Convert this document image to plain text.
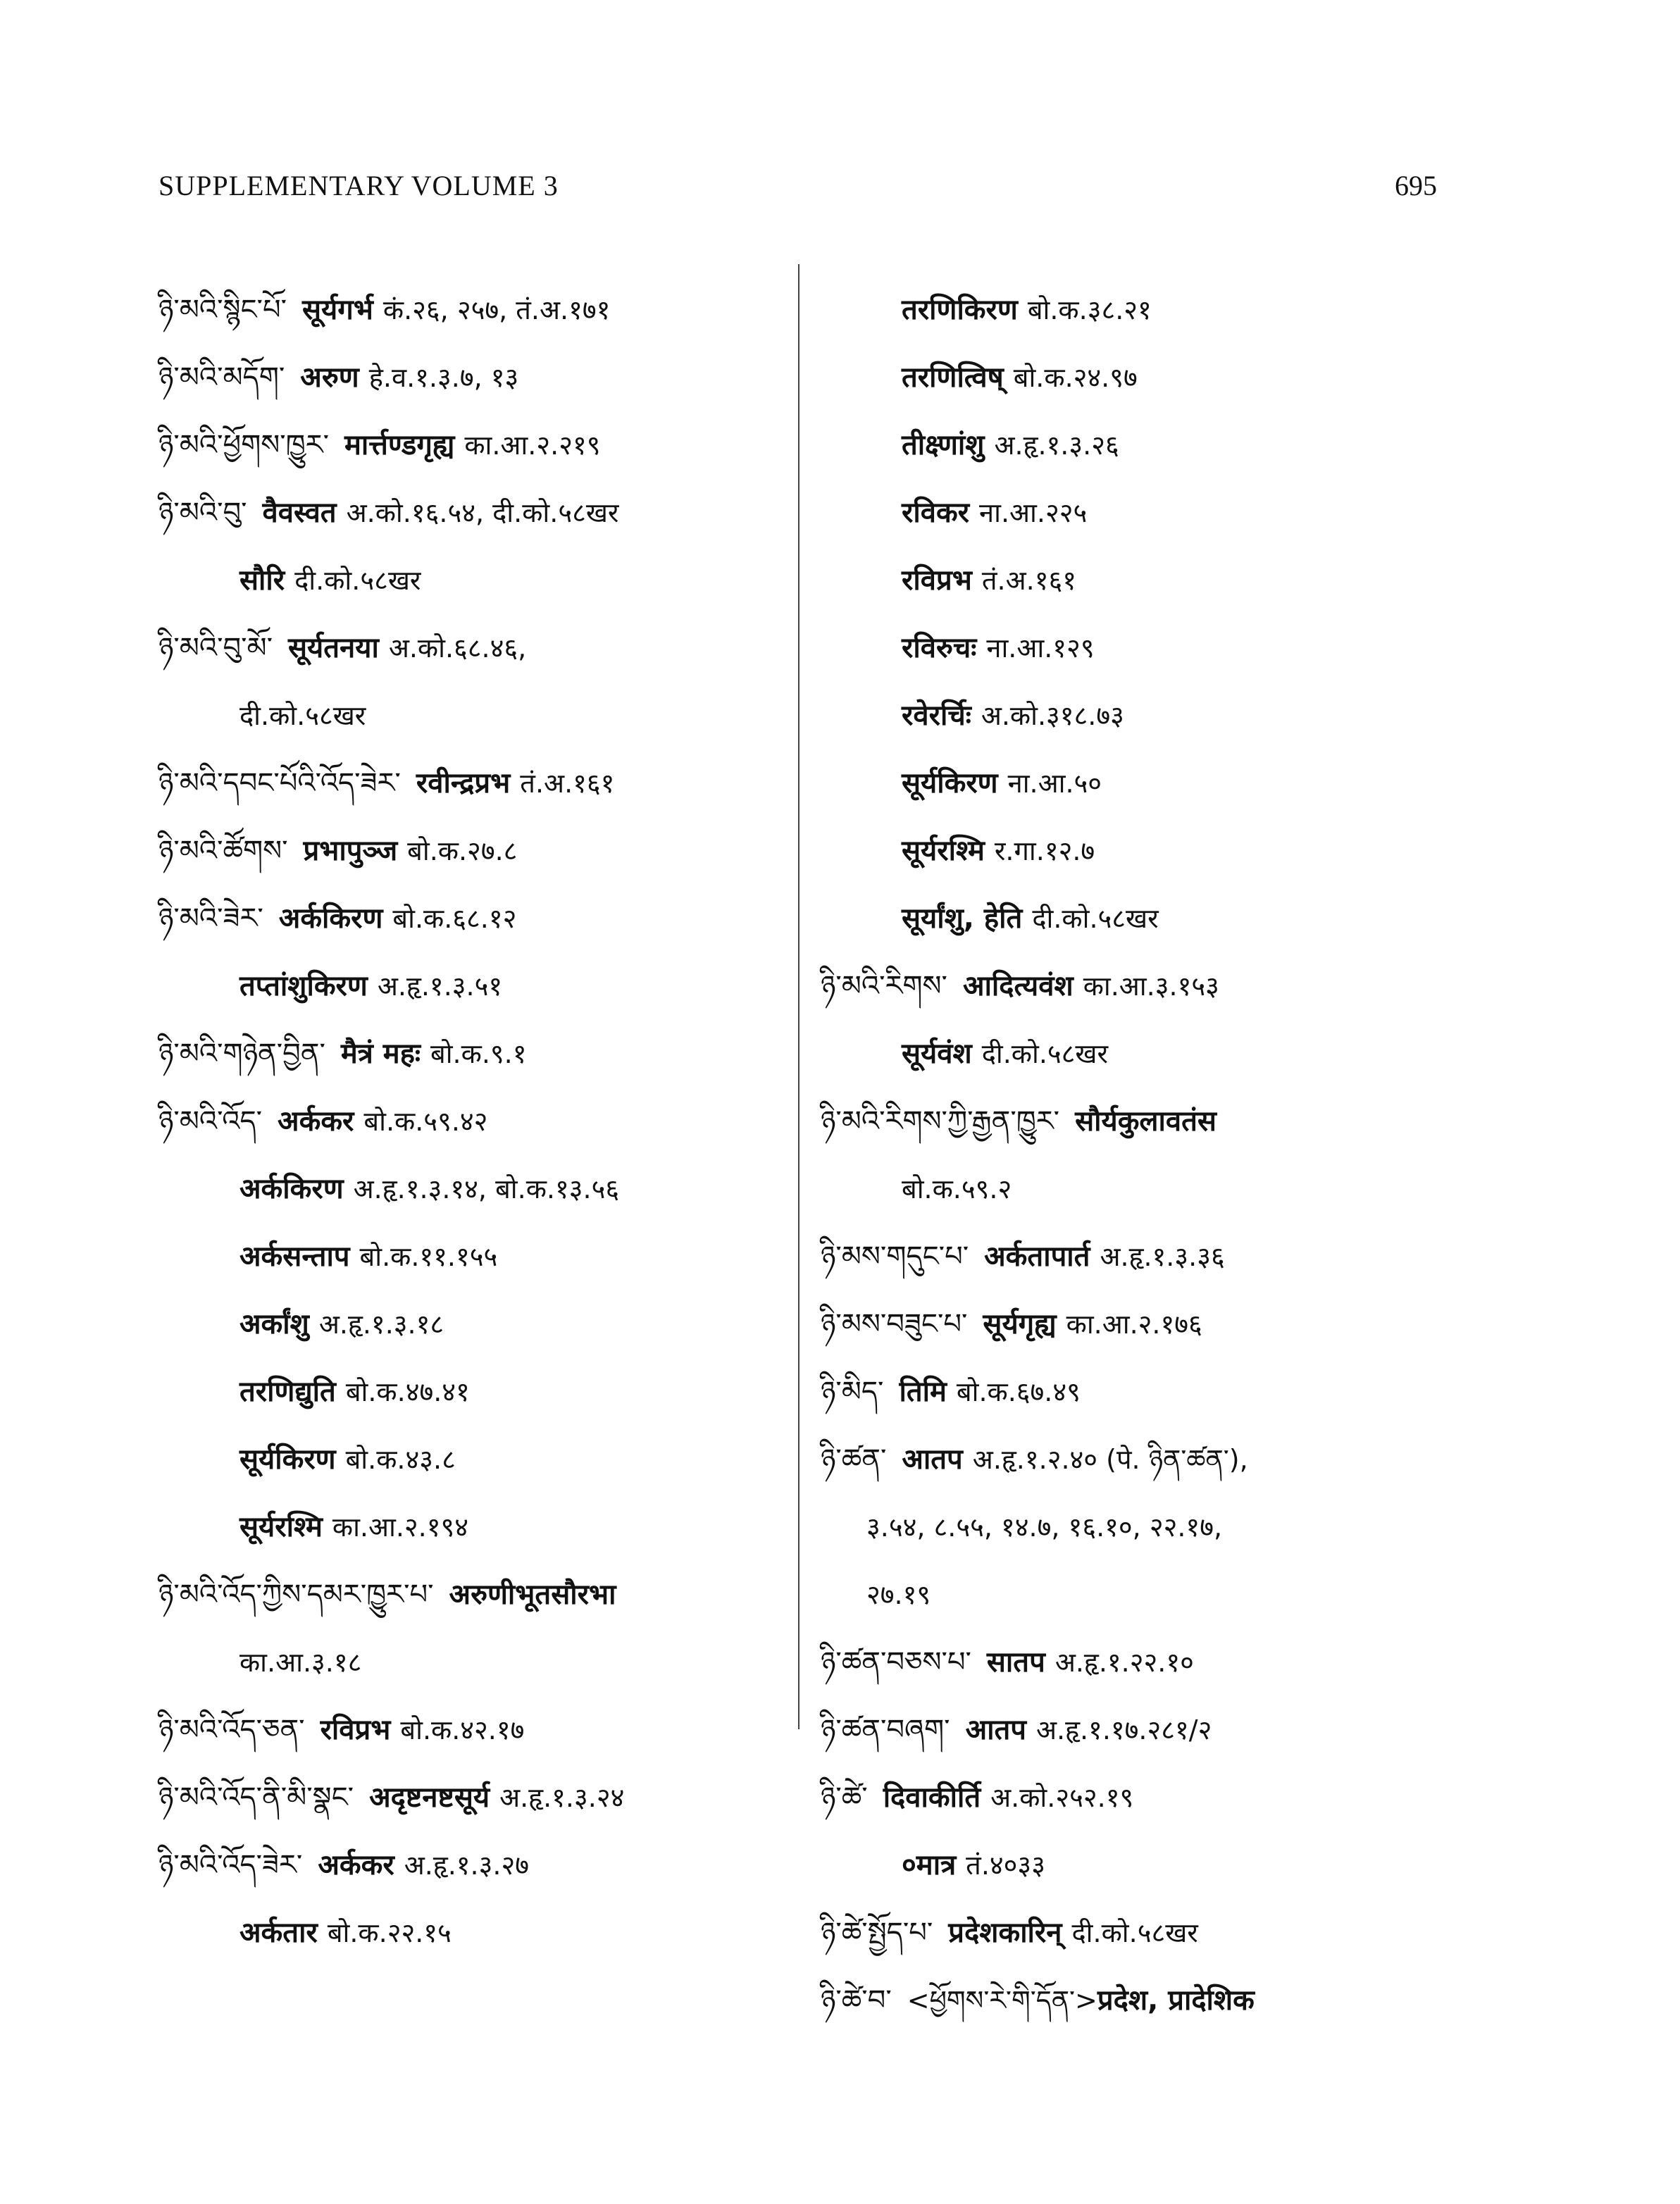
SUPPLEMENTARY VOLUME 3	695
ཉི་མའི་སྙིང་པོ་ सूर्यगर्भ कं.२६, २५७, तं.अ.१७१
ཉི་མའི་མདོག་ अरुण हे.व.१.३.७, १३
ཉི་མའི་ཕྱོགས་ཁྱུར་ मार्त्तण्डगृह्य का.आ.२.२१९
ཉི་མའི་བུ་ वैवस्वत अ.को.१६.५४, दी.को.५८खर
सौरि दी.को.५८खर
ཉི་མའི་བུ་མོ་ सूर्यतनया अ.को.६८.४६,
दी.को.५८खर
ཉི་མའི་དབང་པོའི་འོད་ཟེར་ रवीन्द्रप्रभ तं.अ.१६१
ཉི་མའི་ཚོགས་ प्रभापुञ्ज बो.क.२७.८
ཉི་མའི་ཟེར་ अर्ककिरण बो.क.६८.१२
तप्तांशुकिरण अ.हृ.१.३.५१
ཉི་མའི་གཉེན་བྱིན་ मैत्रं महः बो.क.९.१
ཉི་མའི་འོད་ अर्ककर बो.क.५९.४२
अर्ककिरण अ.हृ.१.३.१४, बो.क.१३.५६
अर्कसन्ताप बो.क.११.१५५
अर्कांशु अ.हृ.१.३.१८
तरणिद्युति बो.क.४७.४१
सूर्यकिरण बो.क.४३.८
सूर्यरश्मि का.आ.२.१९४
ཉི་མའི་འོད་ཀྱིས་དམར་ཁྱུར་པ་ अरुणीभूतसौरभा
का.आ.३.१८
ཉི་མའི་འོད་ཅན་ रविप्रभ बो.क.४२.१७
ཉི་མའི་འོད་ནི་མི་སྣང་ अदृष्टनष्टसूर्य अ.हृ.१.३.२४
ཉི་མའི་འོད་ཟེར་ अर्ककर अ.हृ.१.३.२७
अर्कतार बो.क.२२.१५
तरणिकिरण बो.क.३८.२१
तरणित्विष् बो.क.२४.९७
तीक्ष्णांशु अ.हृ.१.३.२६
रविकर ना.आ.२२५
रविप्रभ तं.अ.१६१
रविरुचः ना.आ.१२९
रवेरर्चिः अ.को.३१८.७३
सूर्यकिरण ना.आ.५०
सूर्यरश्मि र.गा.१२.७
सूर्यांशु, हेति दी.को.५८खर
ཉི་མའི་རིགས་ आदित्यवंश का.आ.३.१५३
सूर्यवंश दी.को.५८खर
ཉི་མའི་རིགས་ཀྱི་རྒྱན་ཁྱུར་ सौर्यकुलावतंस
बो.क.५९.२
ཉི་མས་གདུང་པ་ अर्कतापार्त अ.हृ.१.३.३६
ཉི་མས་བཟུང་པ་ सूर्यगृह्य का.आ.२.१७६
ཉི་མིད་ तिमि बो.क.६७.४९
ཉི་ཚན་ आतप अ.हृ.१.२.४० (पे. ཉིན་ཚན་),
३.५४, ८.५५, १४.७, १६.१०, २२.१७,
२७.१९
ཉི་ཚན་བཅས་པ་ सातप अ.हृ.१.२२.१०
ཉི་ཚན་བཞག་ आतप अ.हृ.१.१७.२८१/२
ཉི་ཚེ་ दिवाकीर्ति अ.को.२५२.१९
०मात्र तं.४०३३
ཉི་ཚེ་སྤྱོད་པ་ प्रदेशकारिन् दी.को.५८खर
ཉི་ཚེ་བ་ <ཕྱོགས་རེ་གི་དོན་>प्रदेश, प्रादेशिक
